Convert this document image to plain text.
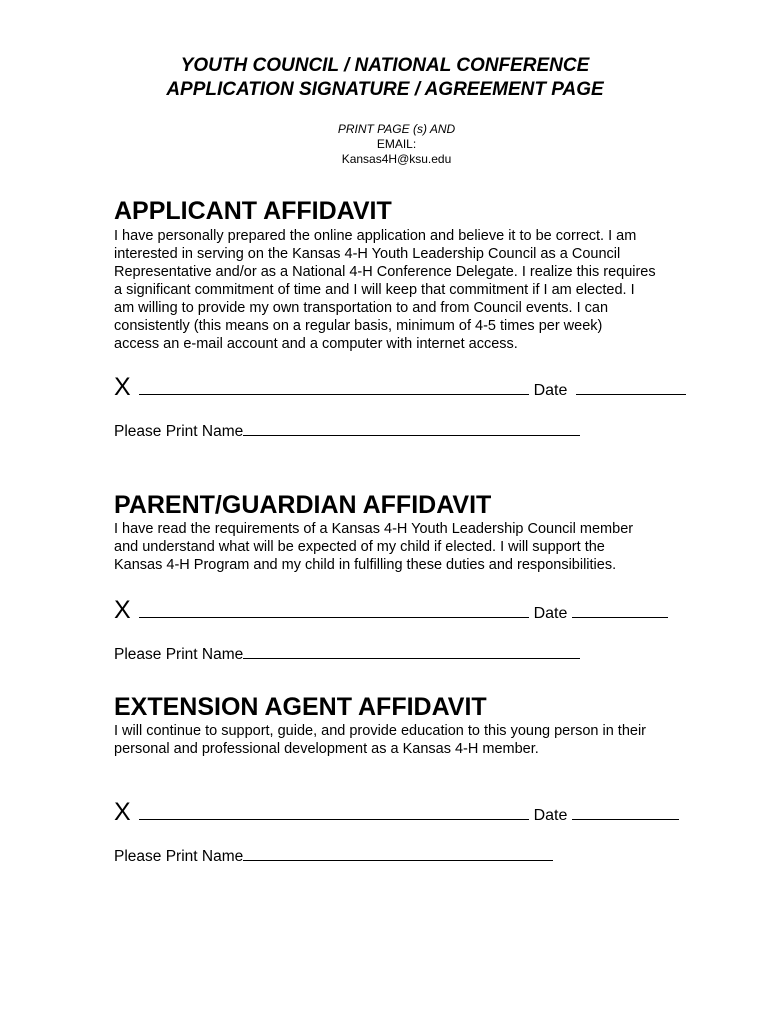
YOUTH COUNCIL / NATIONAL CONFERENCE
APPLICATION SIGNATURE / AGREEMENT PAGE
PRINT PAGE (s) AND
EMAIL:
Kansas4H@ksu.edu
APPLICANT AFFIDAVIT
I have personally prepared the online application and believe it to be correct. I am
interested in serving on the Kansas 4-H Youth Leadership Council as a Council
Representative and/or as a National 4-H Conference Delegate. I realize this requires
a significant commitment of time and I will keep that commitment if I am elected. I
am willing to provide my own transportation to and from Council events. I can
consistently (this means on a regular basis, minimum of 4-5 times per week)
access an e-mail account and a computer with internet access.
X	Date
Please Print Name
PARENT/GUARDIAN AFFIDAVIT
I have read the requirements of a Kansas 4-H Youth Leadership Council member
and understand what will be expected of my child if elected. I will support the
Kansas 4-H Program and my child in fulfilling these duties and responsibilities.
X	Date
Please Print Name
EXTENSION AGENT AFFIDAVIT
I will continue to support, guide, and provide education to this young person in their
personal and professional development as a Kansas 4-H member.
X	Date
Please Print Name
